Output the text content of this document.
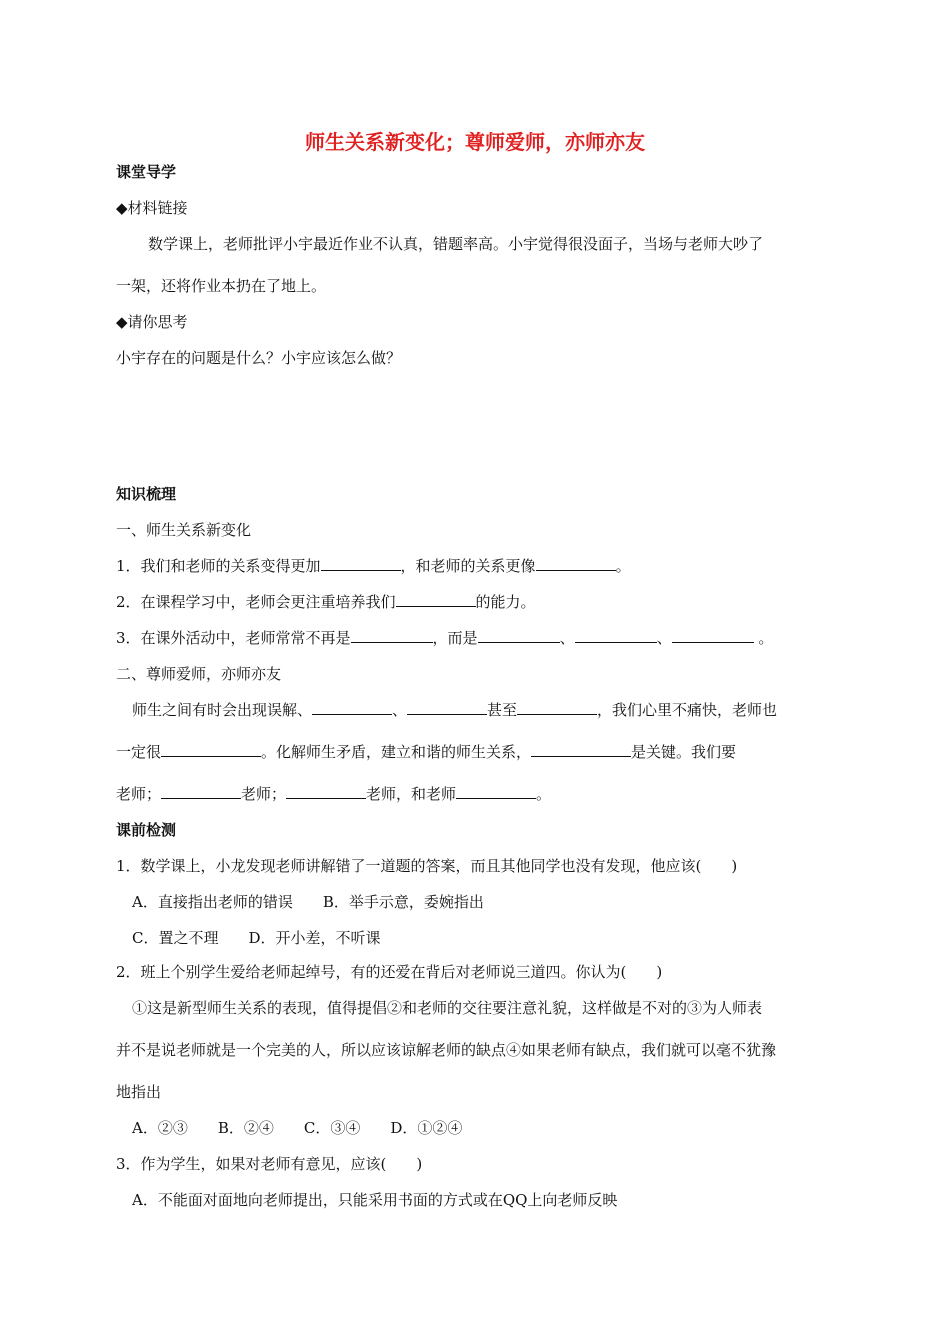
师生关系新变化；尊师爱师，亦师亦友
课堂导学
◆材料链接
数学课上，老师批评小宇最近作业不认真，错题率高。小宇觉得很没面子，当场与老师大吵了
一架，还将作业本扔在了地上。
◆请你思考
小宇存在的问题是什么？小宇应该怎么做？
知识梳理
一、师生关系新变化
1．我们和老师的关系变得更加	，和老师的关系更像	。
2．在课程学习中，老师会更注重培养我们	的能力。
3．在课外活动中，老师常常不再是	，而是	、	、	。
二、尊师爱师，亦师亦友
师生之间有时会出现误解、	、	甚至	，我们心里不痛快，老师也
一定很	。化解师生矛盾，建立和谐的师生关系，	是关键。我们要
老师；	老师；	老师，和老师	。
课前检测
1．数学课上，小龙发现老师讲解错了一道题的答案，而且其他同学也没有发现，他应该(　　)
A．直接指出老师的错误　　B．举手示意，委婉指出
C．置之不理　　D．开小差，不听课
2．班上个别学生爱给老师起绰号，有的还爱在背后对老师说三道四。你认为(　　)
①这是新型师生关系的表现，值得提倡②和老师的交往要注意礼貌，这样做是不对的③为人师表
并不是说老师就是一个完美的人，所以应该谅解老师的缺点④如果老师有缺点，我们就可以毫不犹豫
地指出
A．②③　　B．②④　　C．③④　　D．①②④
3．作为学生，如果对老师有意见，应该(　　)
A．不能面对面地向老师提出，只能采用书面的方式或在QQ上向老师反映
